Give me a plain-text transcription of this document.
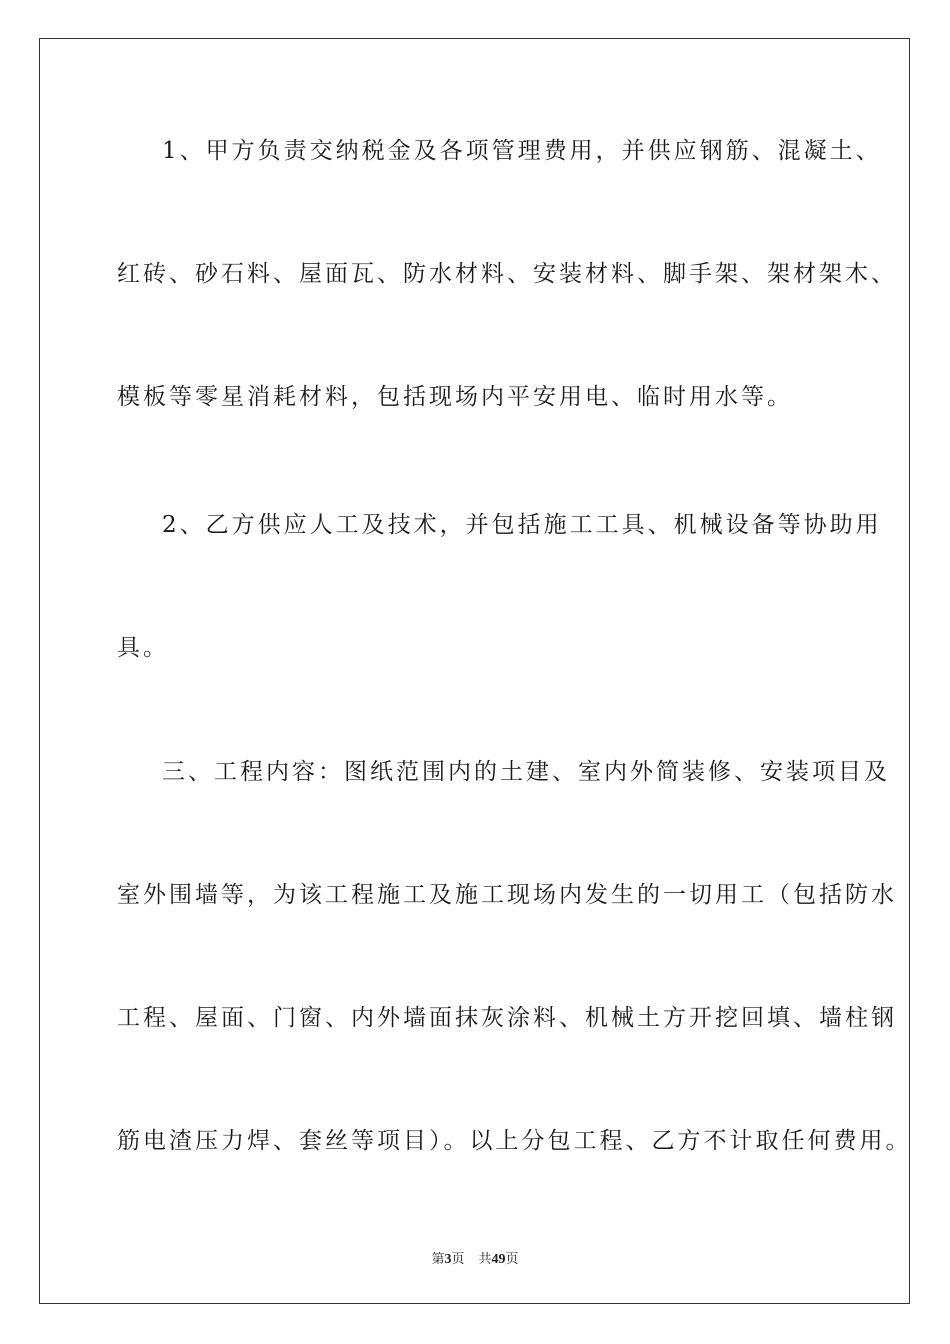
1、甲方负责交纳税金及各项管理费用，并供应钢筋、混凝土、
红砖、砂石料、屋面瓦、防水材料、安装材料、脚手架、架材架木、
模板等零星消耗材料，包括现场内平安用电、临时用水等。
2、乙方供应人工及技术，并包括施工工具、机械设备等协助用
具。
三、工程内容：图纸范围内的土建、室内外简装修、安装项目及
室外围墙等，为该工程施工及施工现场内发生的一切用工（包括防水
工程、屋面、门窗、内外墙面抹灰涂料、机械土方开挖回填、墙柱钢
筋电渣压力焊、套丝等项目）。以上分包工程、乙方不计取任何费用。
第3页 共49页
